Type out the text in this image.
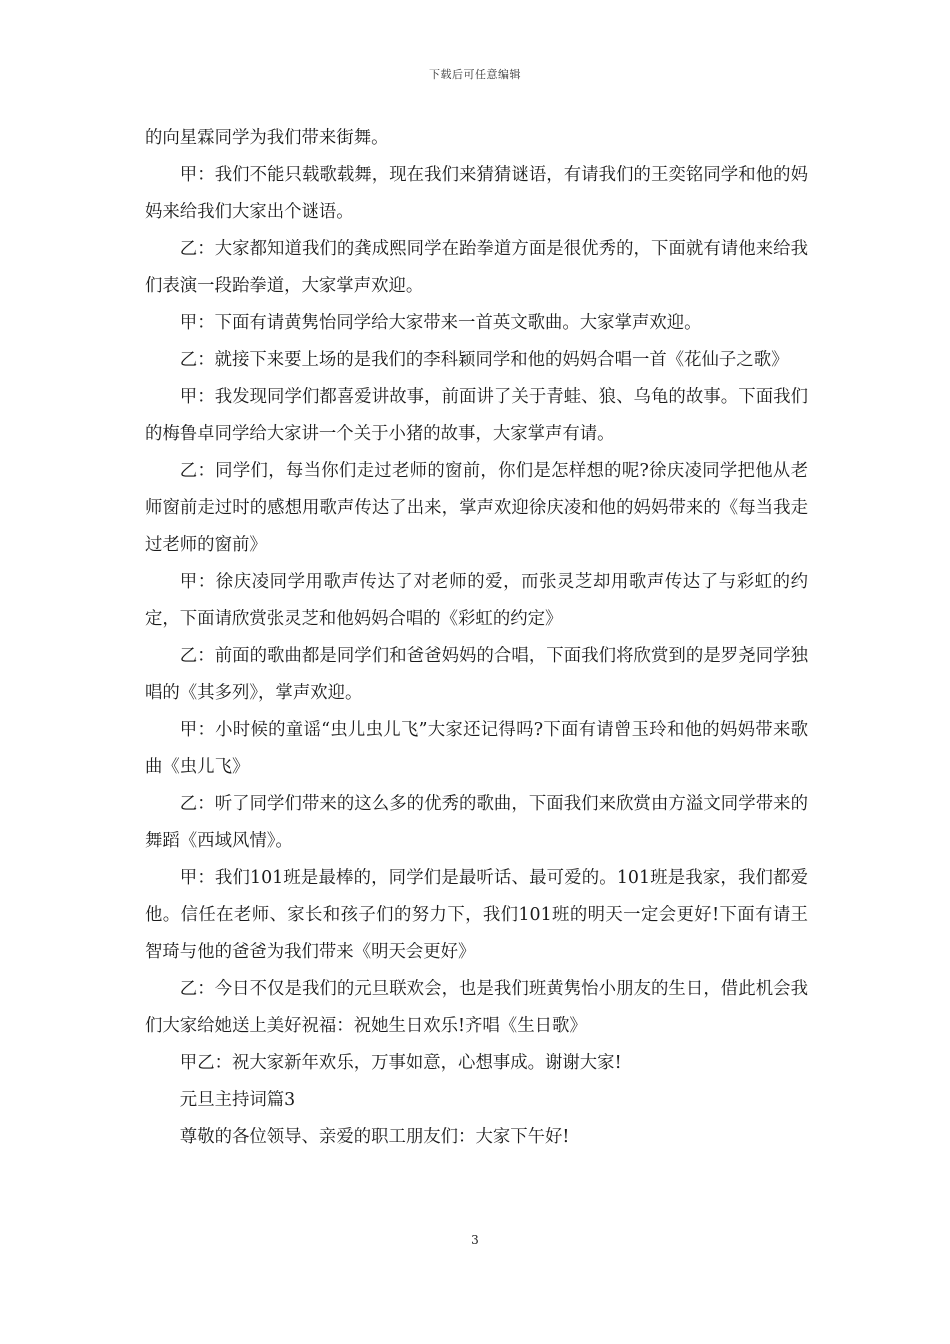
下载后可任意编辑

的向星霖同学为我们带来街舞。

甲：我们不能只载歌载舞，现在我们来猜猜谜语，有请我们的王奕铭同学和他的妈妈来给我们大家出个谜语。

乙：大家都知道我们的龚成熙同学在跆拳道方面是很优秀的，下面就有请他来给我们表演一段跆拳道，大家掌声欢迎。

甲：下面有请黄隽怡同学给大家带来一首英文歌曲。大家掌声欢迎。

乙：就接下来要上场的是我们的李科颖同学和他的妈妈合唱一首《花仙子之歌》

甲：我发现同学们都喜爱讲故事，前面讲了关于青蛙、狼、乌龟的故事。下面我们的梅鲁卓同学给大家讲一个关于小猪的故事，大家掌声有请。

乙：同学们，每当你们走过老师的窗前，你们是怎样想的呢?徐庆凌同学把他从老师窗前走过时的感想用歌声传达了出来，掌声欢迎徐庆凌和他的妈妈带来的《每当我走过老师的窗前》

甲：徐庆凌同学用歌声传达了对老师的爱，而张灵芝却用歌声传达了与彩虹的约定，下面请欣赏张灵芝和他妈妈合唱的《彩虹的约定》

乙：前面的歌曲都是同学们和爸爸妈妈的合唱，下面我们将欣赏到的是罗尧同学独唱的《其多列》，掌声欢迎。

甲：小时候的童谣“虫儿虫儿飞”大家还记得吗?下面有请曾玉玲和他的妈妈带来歌曲《虫儿飞》

乙：听了同学们带来的这么多的优秀的歌曲，下面我们来欣赏由方溢文同学带来的舞蹈《西域风情》。

甲：我们101班是最棒的，同学们是最听话、最可爱的。101班是我家，我们都爱他。信任在老师、家长和孩子们的努力下，我们101班的明天一定会更好!下面有请王智琦与他的爸爸为我们带来《明天会更好》

乙：今日不仅是我们的元旦联欢会，也是我们班黄隽怡小朋友的生日，借此机会我们大家给她送上美好祝福：祝她生日欢乐!齐唱《生日歌》

甲乙：祝大家新年欢乐，万事如意，心想事成。谢谢大家!

元旦主持词篇3

尊敬的各位领导、亲爱的职工朋友们：大家下午好!

3
